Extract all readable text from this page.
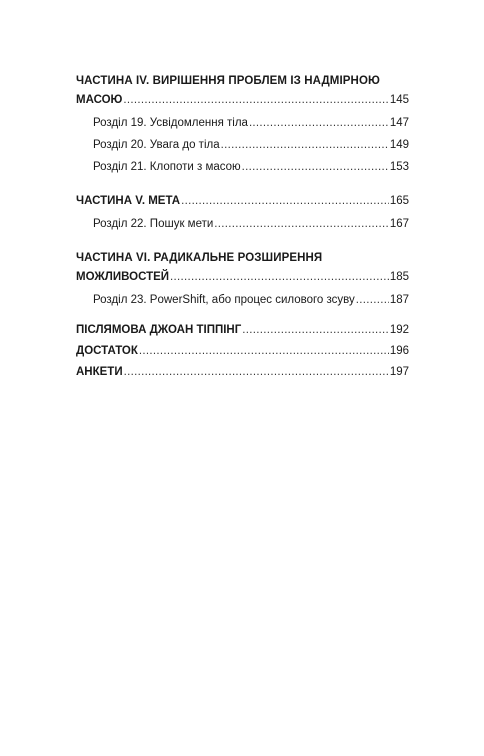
ЧАСТИНА IV. ВИРІШЕННЯ ПРОБЛЕМ ІЗ НАДМІРНОЮ
МАСОЮ .....	145
Розділ 19. Усвідомлення тіла .....	147
Розділ 20. Увага до тіла .....	149
Розділ 21. Клопоти з масою .....	153
ЧАСТИНА V. МЕТА .....	165
Розділ 22. Пошук мети .....	167
ЧАСТИНА VI. РАДИКАЛЬНЕ РОЗШИРЕННЯ
МОЖЛИВОСТЕЙ .....	185
Розділ 23. PowerShift, або процес силового зсуву .....	187
ПІСЛЯМОВА ДЖОАН ТІППІНГ .....	192
ДОСТАТОК .....	196
АНКЕТИ .....	197
